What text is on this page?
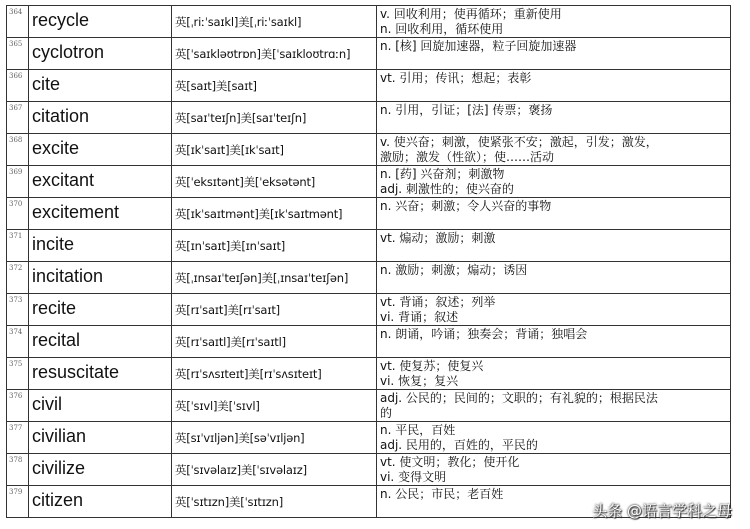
364	recycle	英[ˌriːˈsaɪkl]美[ˌriːˈsaɪkl]	v. 回收利用；使再循环；重新使用
n. 回收利用，循环使用

365	cyclotron	英[ˈsaɪkləʊtrɒn]美[ˈsaɪkloʊtrɑːn]	n. [核] 回旋加速器，粒子回旋加速器

366	cite	英[saɪt]美[saɪt]	vt. 引用；传讯；想起；表彰

367	citation	英[saɪˈteɪʃn]美[saɪˈteɪʃn]	n. 引用，引证；[法] 传票；褒扬

368	excite	英[ɪkˈsaɪt]美[ɪkˈsaɪt]	v. 使兴奋；刺激，使紧张不安；激起，引发；激发，
激励；激发（性欲）；使……活动

369	excitant	英[ˈeksɪtənt]美[ˈeksətənt]	n. [药] 兴奋剂；刺激物
adj. 刺激性的；使兴奋的

370	excitement	英[ɪkˈsaɪtmənt]美[ɪkˈsaɪtmənt]	n. 兴奋；刺激；令人兴奋的事物

371	incite	英[ɪnˈsaɪt]美[ɪnˈsaɪt]	vt. 煽动；激励；刺激

372	incitation	英[ˌɪnsaɪˈteɪʃən]美[ˌɪnsaɪˈteɪʃən]	n. 激励；刺激；煽动；诱因

373	recite	英[rɪˈsaɪt]美[rɪˈsaɪt]	vt. 背诵；叙述；列举
vi. 背诵；叙述

374	recital	英[rɪˈsaɪtl]美[rɪˈsaɪtl]	n. 朗诵，吟诵；独奏会；背诵；独唱会

375	resuscitate	英[rɪˈsʌsɪteɪt]美[rɪˈsʌsɪteɪt]	vt. 使复苏；使复兴
vi. 恢复；复兴

376	civil	英[ˈsɪvl]美[ˈsɪvl]	adj. 公民的；民间的；文职的；有礼貌的；根据民法
的

377	civilian	英[sɪˈvɪljən]美[səˈvɪljən]	n. 平民，百姓
adj. 民用的，百姓的，平民的

378	civilize	英[ˈsɪvəlaɪz]美[ˈsɪvəlaɪz]	vt. 使文明；教化；使开化
vi. 变得文明

379	citizen	英[ˈsɪtɪzn]美[ˈsɪtɪzn]	n. 公民；市民；老百姓
头条 @语言学科之母
